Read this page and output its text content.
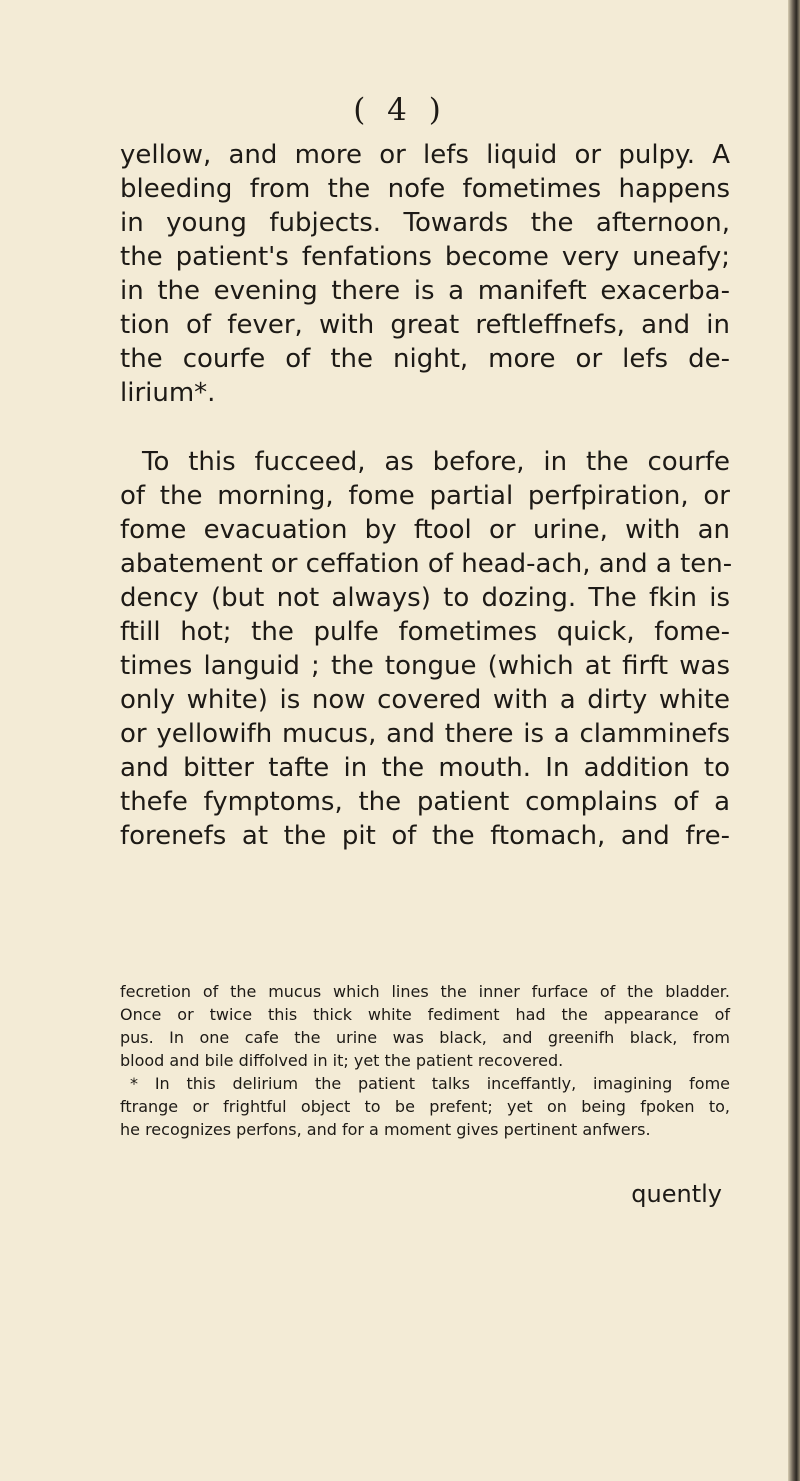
( 4 )
yellow, and more or lefs liquid or pulpy. A
bleeding from the nofe fometimes happens
in young fubjects. Towards the afternoon,
the patient's fenfations become very uneafy;
in the evening there is a manifeft exacerba-
tion of fever, with great reftleffnefs, and in
the courfe of the night, more or lefs de-
lirium*.
To this fucceed, as before, in the courfe
of the morning, fome partial perfpiration, or
fome evacuation by ftool or urine, with an
abatement or ceffation of head-ach, and a ten-
dency (but not always) to dozing. The fkin is
ftill hot; the pulfe fometimes quick, fome-
times languid ; the tongue (which at firft was
only white) is now covered with a dirty white
or yellowifh mucus, and there is a clamminefs
and bitter tafte in the mouth. In addition to
thefe fymptoms, the patient complains of a
forenefs at the pit of the ftomach, and fre-
fecretion of the mucus which lines the inner furface of the bladder.
Once or twice this thick white fediment had the appearance of
pus. In one cafe the urine was black, and greenifh black, from
blood and bile diffolved in it; yet the patient recovered.
* In this delirium the patient talks inceffantly, imagining fome
ftrange or frightful object to be prefent; yet on being fpoken to,
he recognizes perfons, and for a moment gives pertinent anfwers.
quently
